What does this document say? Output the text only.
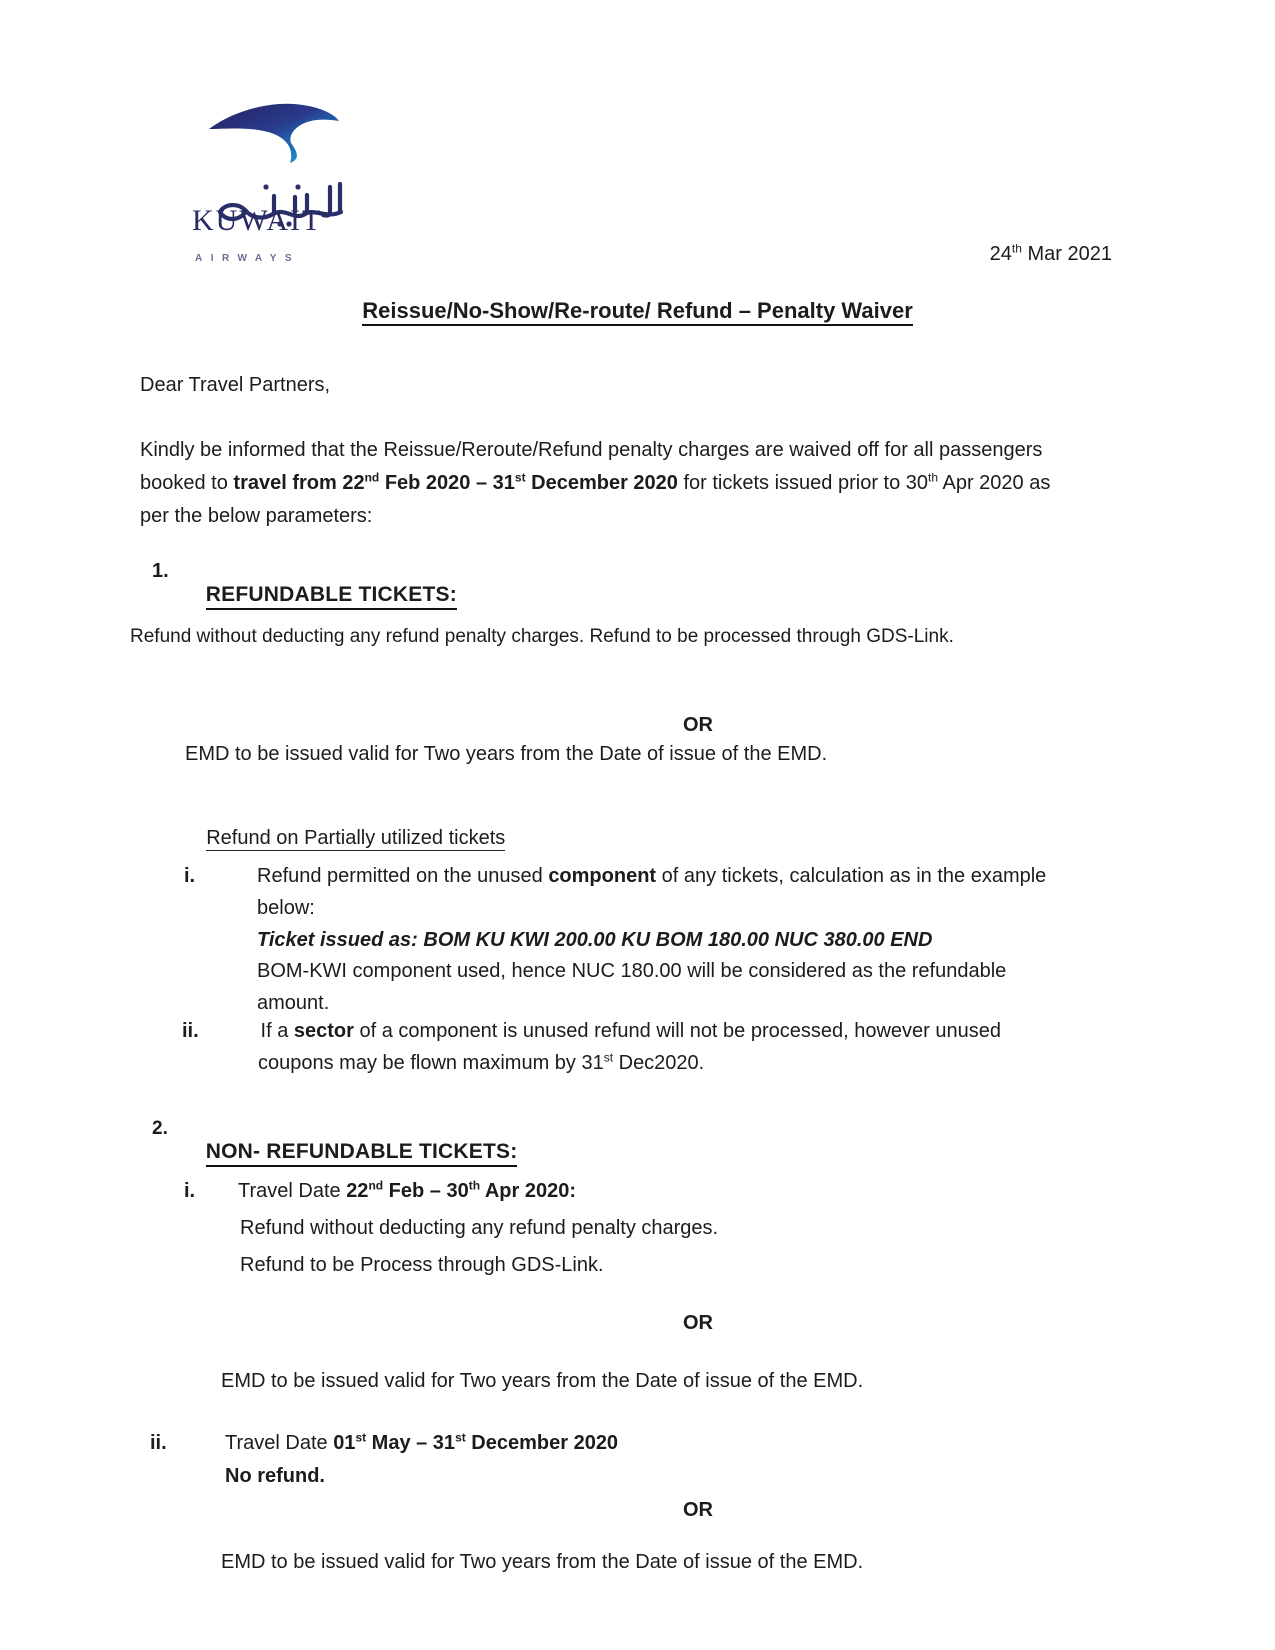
KUWAIT
AIRWAYS	24th Mar 2021
Reissue/No-Show/Re-route/ Refund – Penalty Waiver
Dear Travel Partners,
Kindly be informed that the Reissue/Reroute/Refund penalty charges are waived off for all passengers
booked to travel from 22nd Feb 2020 – 31st December 2020 for tickets issued prior to 30th Apr 2020 as
per the below parameters:
1.

REFUNDABLE TICKETS:

Refund without deducting any refund penalty charges. Refund to be processed through GDS-Link.
OR
EMD to be issued valid for Two years from the Date of issue of the EMD.

Refund on Partially utilized tickets

i.	Refund permitted on the unused component of any tickets, calculation as in the example
below:
Ticket issued as: BOM KU KWI 200.00 KU BOM 180.00 NUC 380.00 END
BOM-KWI component used, hence NUC 180.00 will be considered as the refundable
amount.
ii.	If a sector of a component is unused refund will not be processed, however unused
coupons may be flown maximum by 31st Dec2020.
2.

NON- REFUNDABLE TICKETS:

i. Travel Date 22nd Feb – 30th Apr 2020:
Refund without deducting any refund penalty charges.
Refund to be Process through GDS-Link.
OR
EMD to be issued valid for Two years from the Date of issue of the EMD.
ii.	Travel Date 01st May – 31st December 2020
No refund.
OR
EMD to be issued valid for Two years from the Date of issue of the EMD.
